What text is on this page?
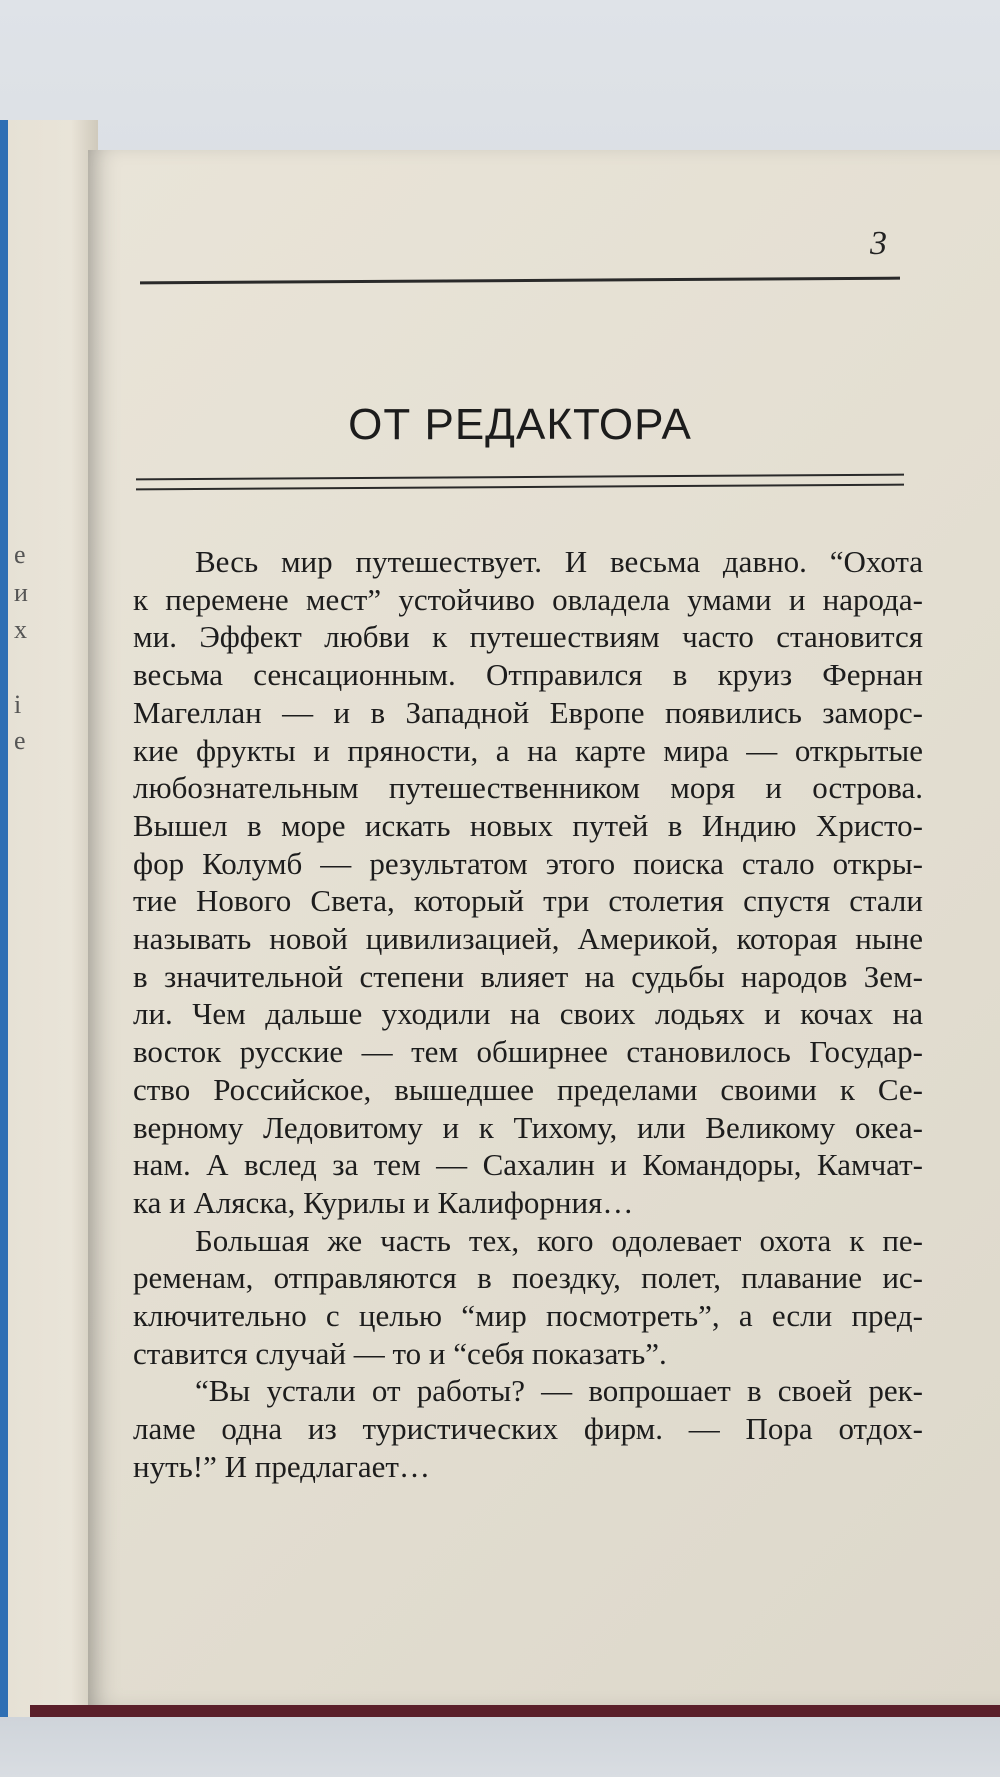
е
и
х
і
е
3
ОТ РЕДАКТОРА
Весь мир путешествует. И весьма давно. “Охота
к перемене мест” устойчиво овладела умами и народа-
ми. Эффект любви к путешествиям часто становится
весьма сенсационным. Отправился в круиз Фернан
Магеллан — и в Западной Европе появились заморс-
кие фрукты и пряности, а на карте мира — открытые
любознательным путешественником моря и острова.
Вышел в море искать новых путей в Индию Христо-
фор Колумб — результатом этого поиска стало откры-
тие Нового Света, который три столетия спустя стали
называть новой цивилизацией, Америкой, которая ныне
в значительной степени влияет на судьбы народов Зем-
ли. Чем дальше уходили на своих лодьях и кочах на
восток русские — тем обширнее становилось Государ-
ство Российское, вышедшее пределами своими к Се-
верному Ледовитому и к Тихому, или Великому океа-
нам. А вслед за тем — Сахалин и Командоры, Камчат-
ка и Аляска, Курилы и Калифорния…
Большая же часть тех, кого одолевает охота к пе-
ременам, отправляются в поездку, полет, плавание ис-
ключительно с целью “мир посмотреть”, а если пред-
ставится случай — то и “себя показать”.
“Вы устали от работы? — вопрошает в своей рек-
ламе одна из туристических фирм. — Пора отдох-
нуть!” И предлагает…
